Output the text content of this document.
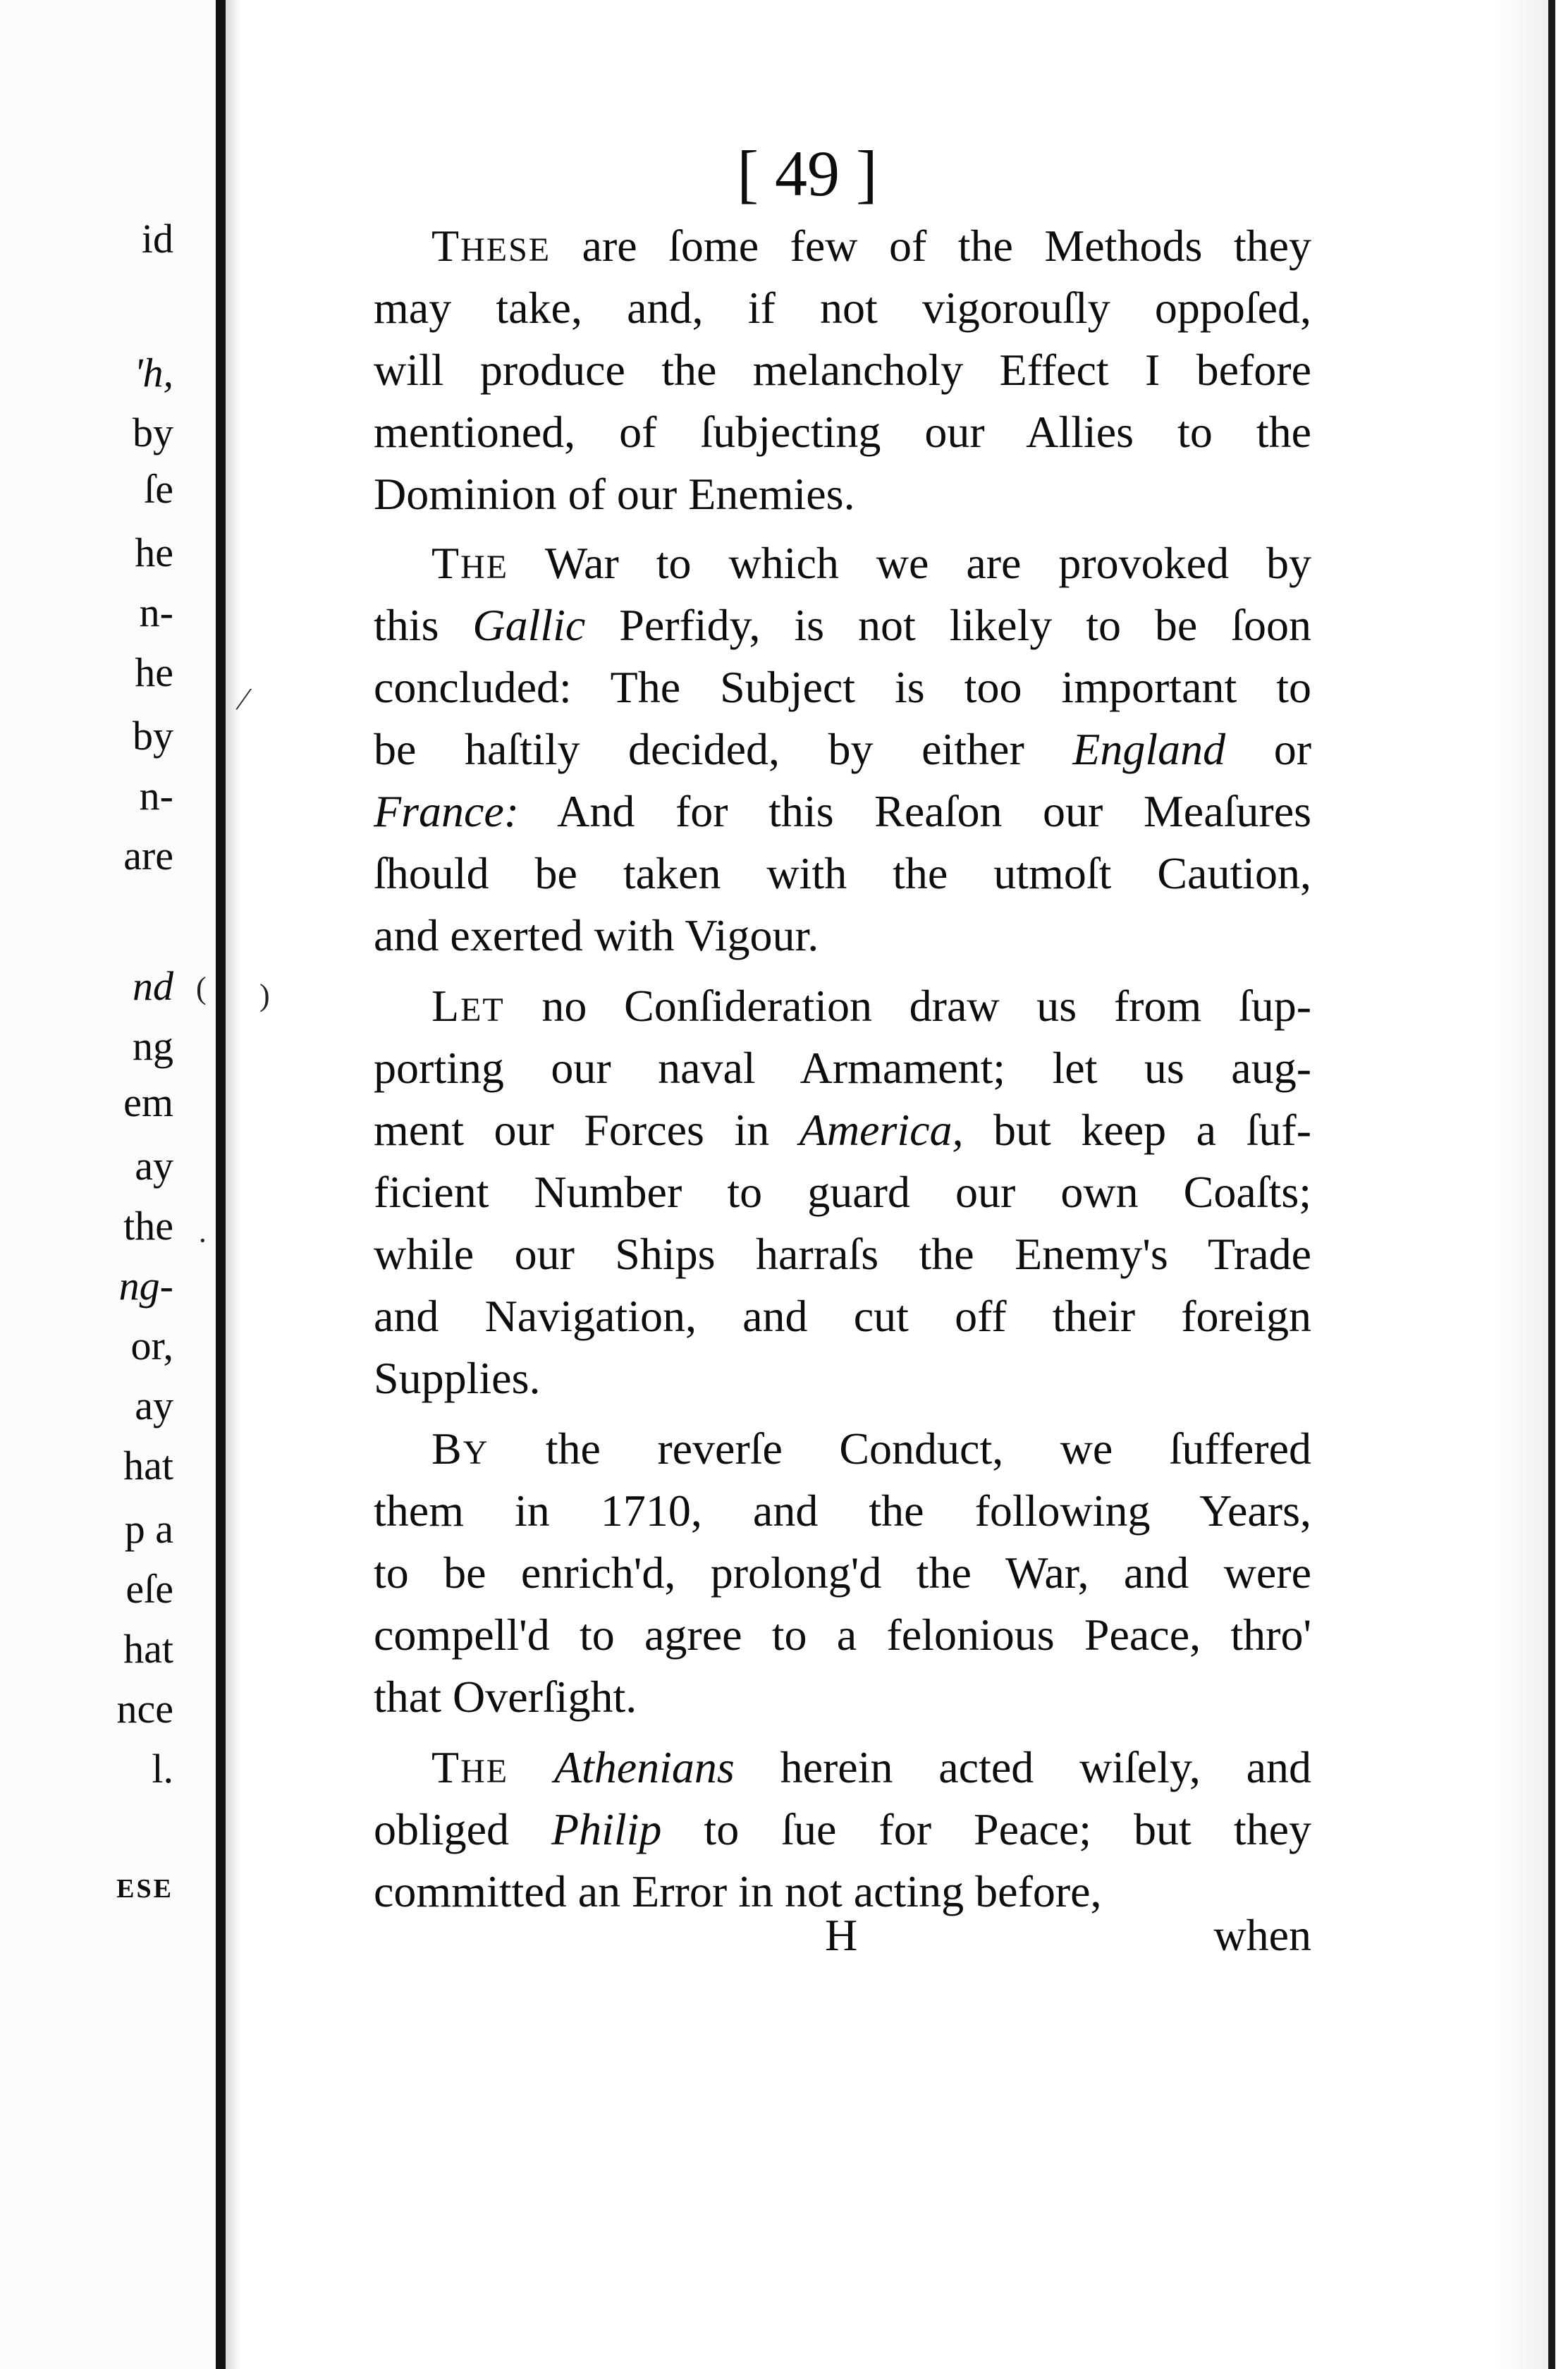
id
'h,
by
ſe
he
n-
he
by
n-
are
nd
ng
em
ay
the
ng-
or,
ay
hat
p a
eſe
hat
nce
l.
ESE
[ 49 ]
THESE are ſome few of the Methods they
may take, and, if not vigorouſly oppoſed,
will produce the melancholy Effect I before
mentioned, of ſubjecting our Allies to the
Dominion of our Enemies.
THE War to which we are provoked by
this Gallic Perfidy, is not likely to be ſoon
concluded: The Subject is too important to
be haſtily decided, by either England or
France: And for this Reaſon our Meaſures
ſhould be taken with the utmoſt Caution,
and exerted with Vigour.
LET no Conſideration draw us from ſup-
porting our naval Armament; let us aug-
ment our Forces in America, but keep a ſuf-
ficient Number to guard our own Coaſts;
while our Ships harraſs the Enemy's Trade
and Navigation, and cut off their foreign
Supplies.
BY the reverſe Conduct, we ſuffered
them in 1710, and the following Years,
to be enrich'd, prolong'd the War, and were
compell'd to agree to a felonious Peace, thro'
that Overſight.
THE Athenians herein acted wiſely, and
obliged Philip to ſue for Peace; but they
committed an Error in not acting before,
H	when
⁄
( )
·
